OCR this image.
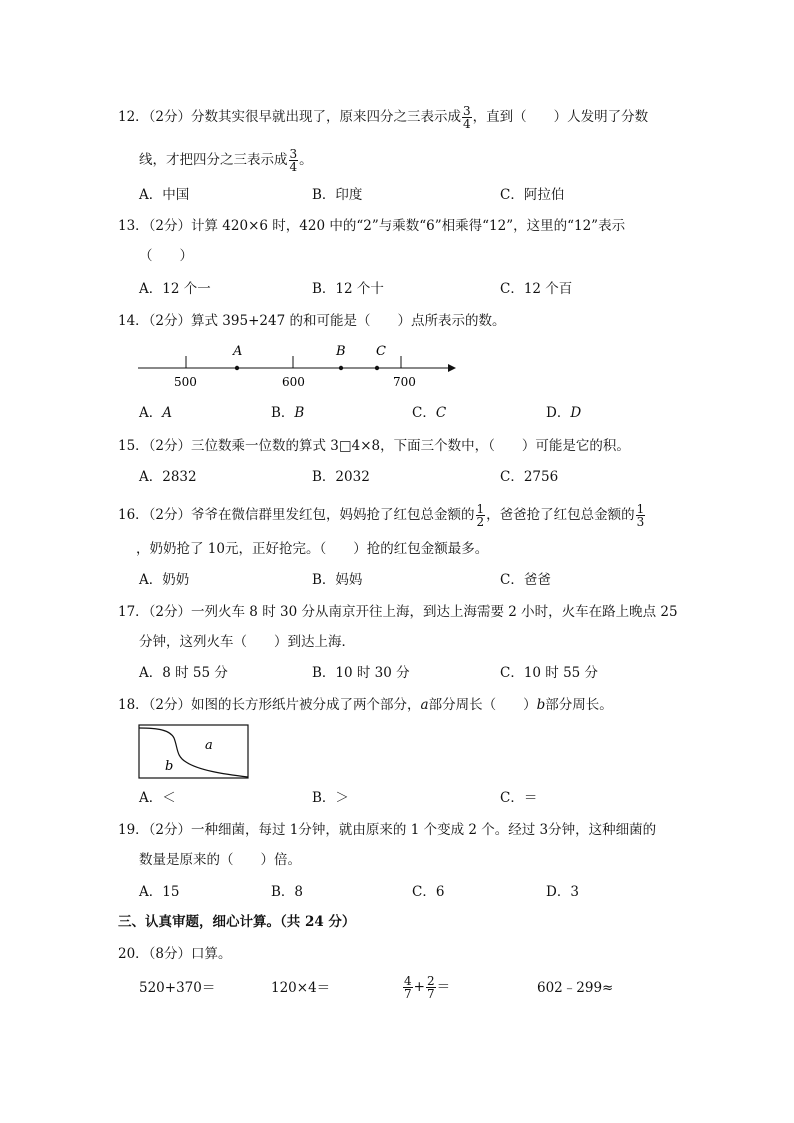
12．（2分）分数其实很早就出现了，原来四分之三表示成 $\frac{3}{4}$ ，直到（　　）人发明了分数
线，才把四分之三表示成 $\frac{3}{4}$ 。
A．中国	B．印度	C．阿拉伯
13．（2分）计算 420×6 时，420 中的“2”与乘数“6”相乘得“12”，这里的“12”表示
（　　）
A．12 个一	B．12 个十	C．12 个百
14．（2分）算式 395+247 的和可能是（　　）点所表示的数。
500	600	700
A	B C
A．A	B．B	C．C	D．D
15．（2分）三位数乘一位数的算式 3□4×8，下面三个数中，（　　）可能是它的积。
A．2832	B．2032	C．2756
16．（2分）爷爷在微信群里发红包，妈妈抢了红包总金额的 $\frac{1}{2}$ ，爸爸抢了红包总金额的 $\frac{1}{3}$
，奶奶抢了 10元，正好抢完。（　　）抢的红包金额最多。
A．奶奶	B．妈妈	C．爸爸
17．（2分）一列火车 8 时 30 分从南京开往上海，到达上海需要 2 小时，火车在路上晚点 25
分钟，这列火车（　　）到达上海．
A．8 时 55 分	B．10 时 30 分	C．10 时 55 分
18．（2分）如图的长方形纸片被分成了两个部分，a部分周长（　　）b部分周长。
a
b
A．＜	B．＞	C．＝
19．（2分）一种细菌，每过 1分钟，就由原来的 1 个变成 2 个。经过 3分钟，这种细菌的
数量是原来的（　　）倍。
A．15	B．8	C．6	D．3
三、认真审题，细心计算。（共 24 分）
20．（8分）口算。
520+370＝	120×4＝	$\frac{4}{7} + \frac{2}{7}$ ＝	602﹣299≈
